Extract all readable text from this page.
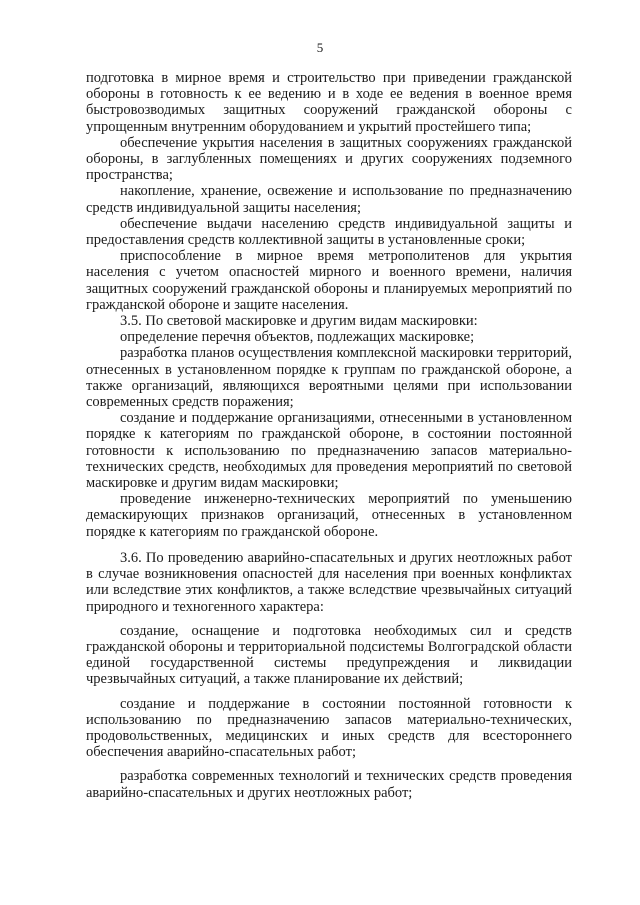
5

подготовка в мирное время и строительство при приведении гражданской обороны в готовность к ее ведению и в ходе ее ведения в военное время быстровозводимых защитных сооружений гражданской обороны с упрощенным внутренним оборудованием и укрытий простейшего типа;

обеспечение укрытия населения в защитных сооружениях гражданской обороны, в заглубленных помещениях и других сооружениях подземного пространства;

накопление, хранение, освежение и использование по предназначению средств индивидуальной защиты населения;

обеспечение выдачи населению средств индивидуальной защиты и предоставления средств коллективной защиты в установленные сроки;

приспособление в мирное время метрополитенов для укрытия населения с учетом опасностей мирного и военного времени, наличия защитных сооружений гражданской обороны и планируемых мероприятий по гражданской обороне и защите населения.

3.5. По световой маскировке и другим видам маскировки:

определение перечня объектов, подлежащих маскировке;

разработка планов осуществления комплексной маскировки территорий, отнесенных в установленном порядке к группам по гражданской обороне, а также организаций, являющихся вероятными целями при использовании современных средств поражения;

создание и поддержание организациями, отнесенными в установленном порядке к категориям по гражданской обороне, в состоянии постоянной готовности к использованию по предназначению запасов материально-технических средств, необходимых для проведения мероприятий по световой маскировке и другим видам маскировки;

проведение инженерно-технических мероприятий по уменьшению демаскирующих признаков организаций, отнесенных в установленном порядке к категориям по гражданской обороне.

3.6. По проведению аварийно-спасательных и других неотложных работ в случае возникновения опасностей для населения при военных конфликтах или вследствие этих конфликтов, а также вследствие чрезвычайных ситуаций природного и техногенного характера:

создание, оснащение и подготовка необходимых сил и средств гражданской обороны и территориальной подсистемы Волгоградской области единой государственной системы предупреждения и ликвидации чрезвычайных ситуаций, а также планирование их действий;

создание и поддержание в состоянии постоянной готовности к использованию по предназначению запасов материально-технических, продовольственных, медицинских и иных средств для всестороннего обеспечения аварийно-спасательных работ;

разработка современных технологий и технических средств проведения аварийно-спасательных и других неотложных работ;
